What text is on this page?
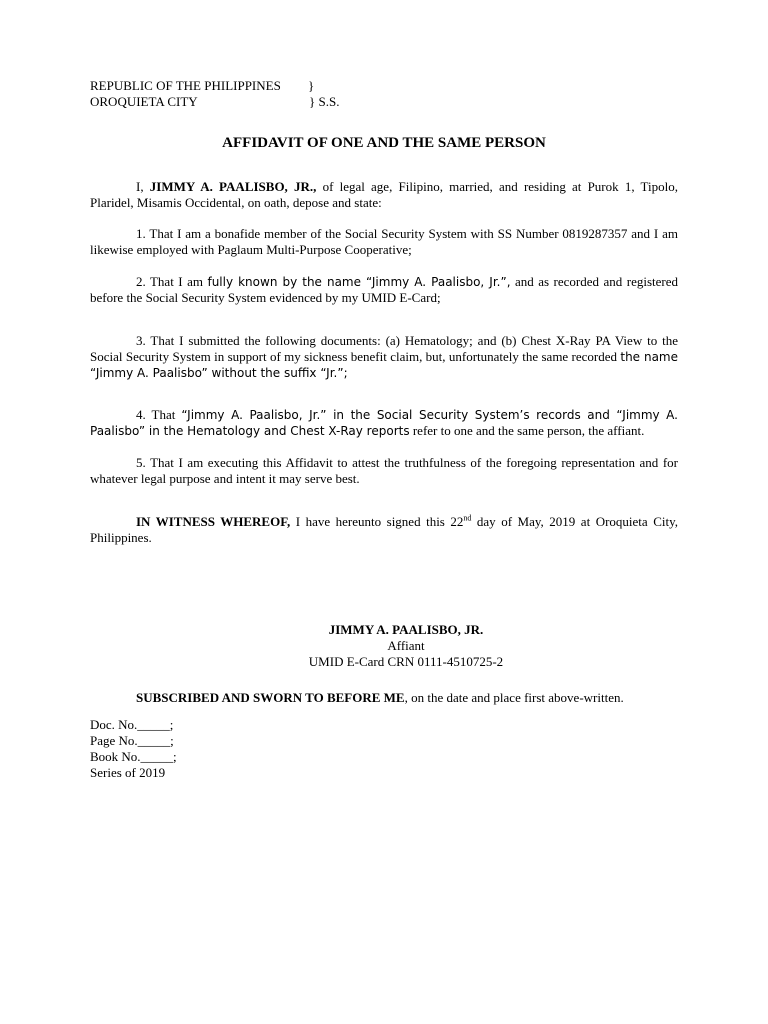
REPUBLIC OF THE PHILIPPINES }
OROQUIETA CITY	} S.S.
AFFIDAVIT OF ONE AND THE SAME PERSON
I, JIMMY A. PAALISBO, JR., of legal age, Filipino, married, and residing at Purok 1, Tipolo, Plaridel, Misamis Occidental, on oath, depose and state:
1. That I am a bonafide member of the Social Security System with SS Number 0819287357 and I am likewise employed with Paglaum Multi-Purpose Cooperative;
2. That I am fully known by the name “Jimmy A. Paalisbo, Jr.”, and as recorded and registered before the Social Security System evidenced by my UMID E-Card;
3. That I submitted the following documents: (a) Hematology; and (b) Chest X-Ray PA View to the Social Security System in support of my sickness benefit claim, but, unfortunately the same recorded the name “Jimmy A. Paalisbo” without the suffix “Jr.”;
4. That “Jimmy A. Paalisbo, Jr.” in the Social Security System’s records and “Jimmy A. Paalisbo” in the Hematology and Chest X-Ray reports refer to one and the same person, the affiant.
5. That I am executing this Affidavit to attest the truthfulness of the foregoing representation and for whatever legal purpose and intent it may serve best.
IN WITNESS WHEREOF, I have hereunto signed this 22nd day of May, 2019 at Oroquieta City, Philippines.
JIMMY A. PAALISBO, JR.
Affiant
UMID E-Card CRN 0111-4510725-2
SUBSCRIBED AND SWORN TO BEFORE ME, on the date and place first above-written.
Doc. No._____;
Page No._____;
Book No._____;
Series of 2019
